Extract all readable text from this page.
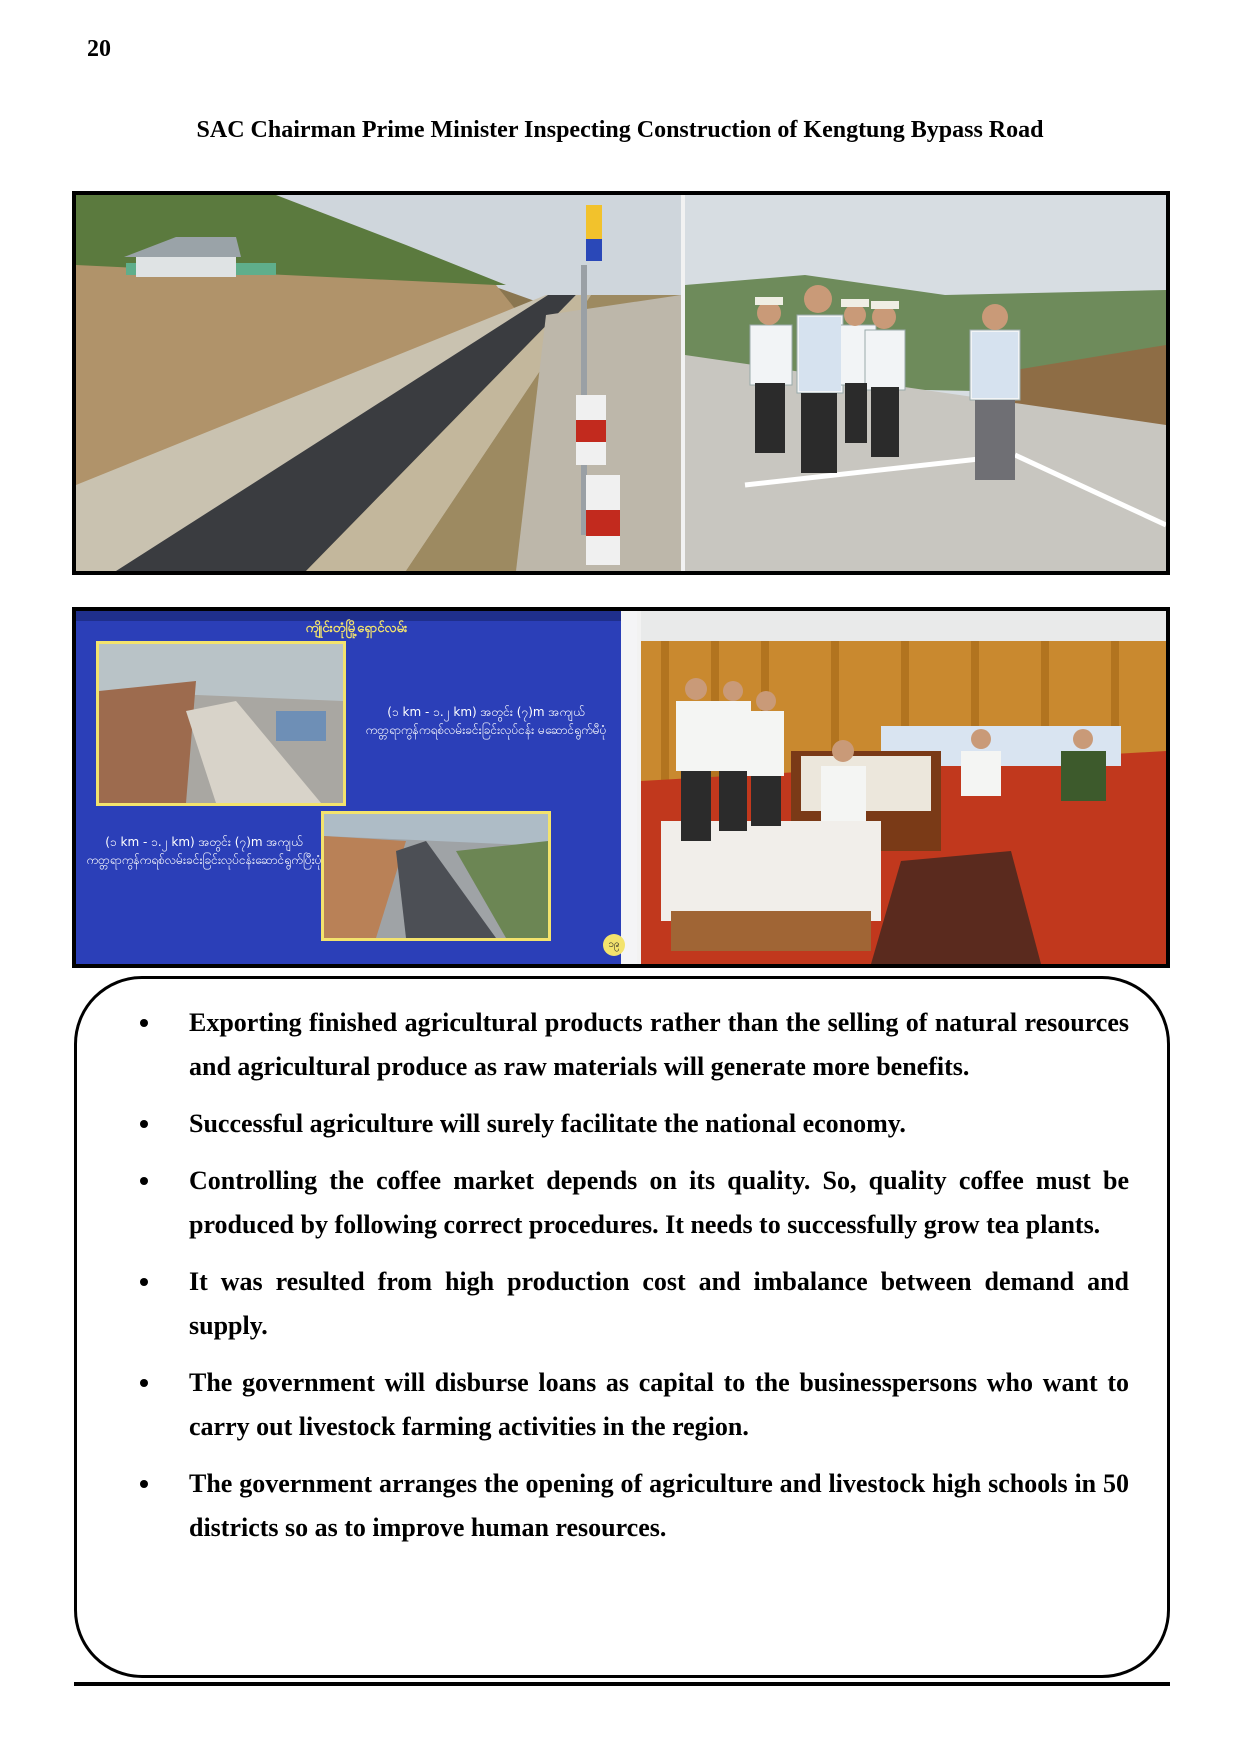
20
SAC Chairman Prime Minister Inspecting Construction of Kengtung Bypass Road
ကျိုင်းတုံမြို့ရှောင်လမ်း
(၁ km - ၁.၂ km) အတွင်း (၇)m အကျယ်
ကတ္တရာကွန်ကရစ်လမ်းခင်းခြင်းလုပ်ငန်း မဆောင်ရွက်မီပုံ
(၁ km - ၁.၂ km) အတွင်း (၇)m အကျယ်
ကတ္တရာကွန်ကရစ်လမ်းခင်းခြင်းလုပ်ငန်းဆောင်ရွက်ပြီးပုံ
၁၉
Exporting finished agricultural products rather than the selling of natural resources and agricultural produce as raw materials will generate more benefits.
Successful agriculture will surely facilitate the national economy.
Controlling the coffee market depends on its quality. So, quality coffee must be produced by following correct procedures. It needs to successfully grow tea plants.
It was resulted from high production cost and imbalance between demand and supply.
The government will disburse loans as capital to the businesspersons who want to carry out livestock farming activities in the region.
The government arranges the opening of agriculture and livestock high schools in 50 districts so as to improve human resources.
